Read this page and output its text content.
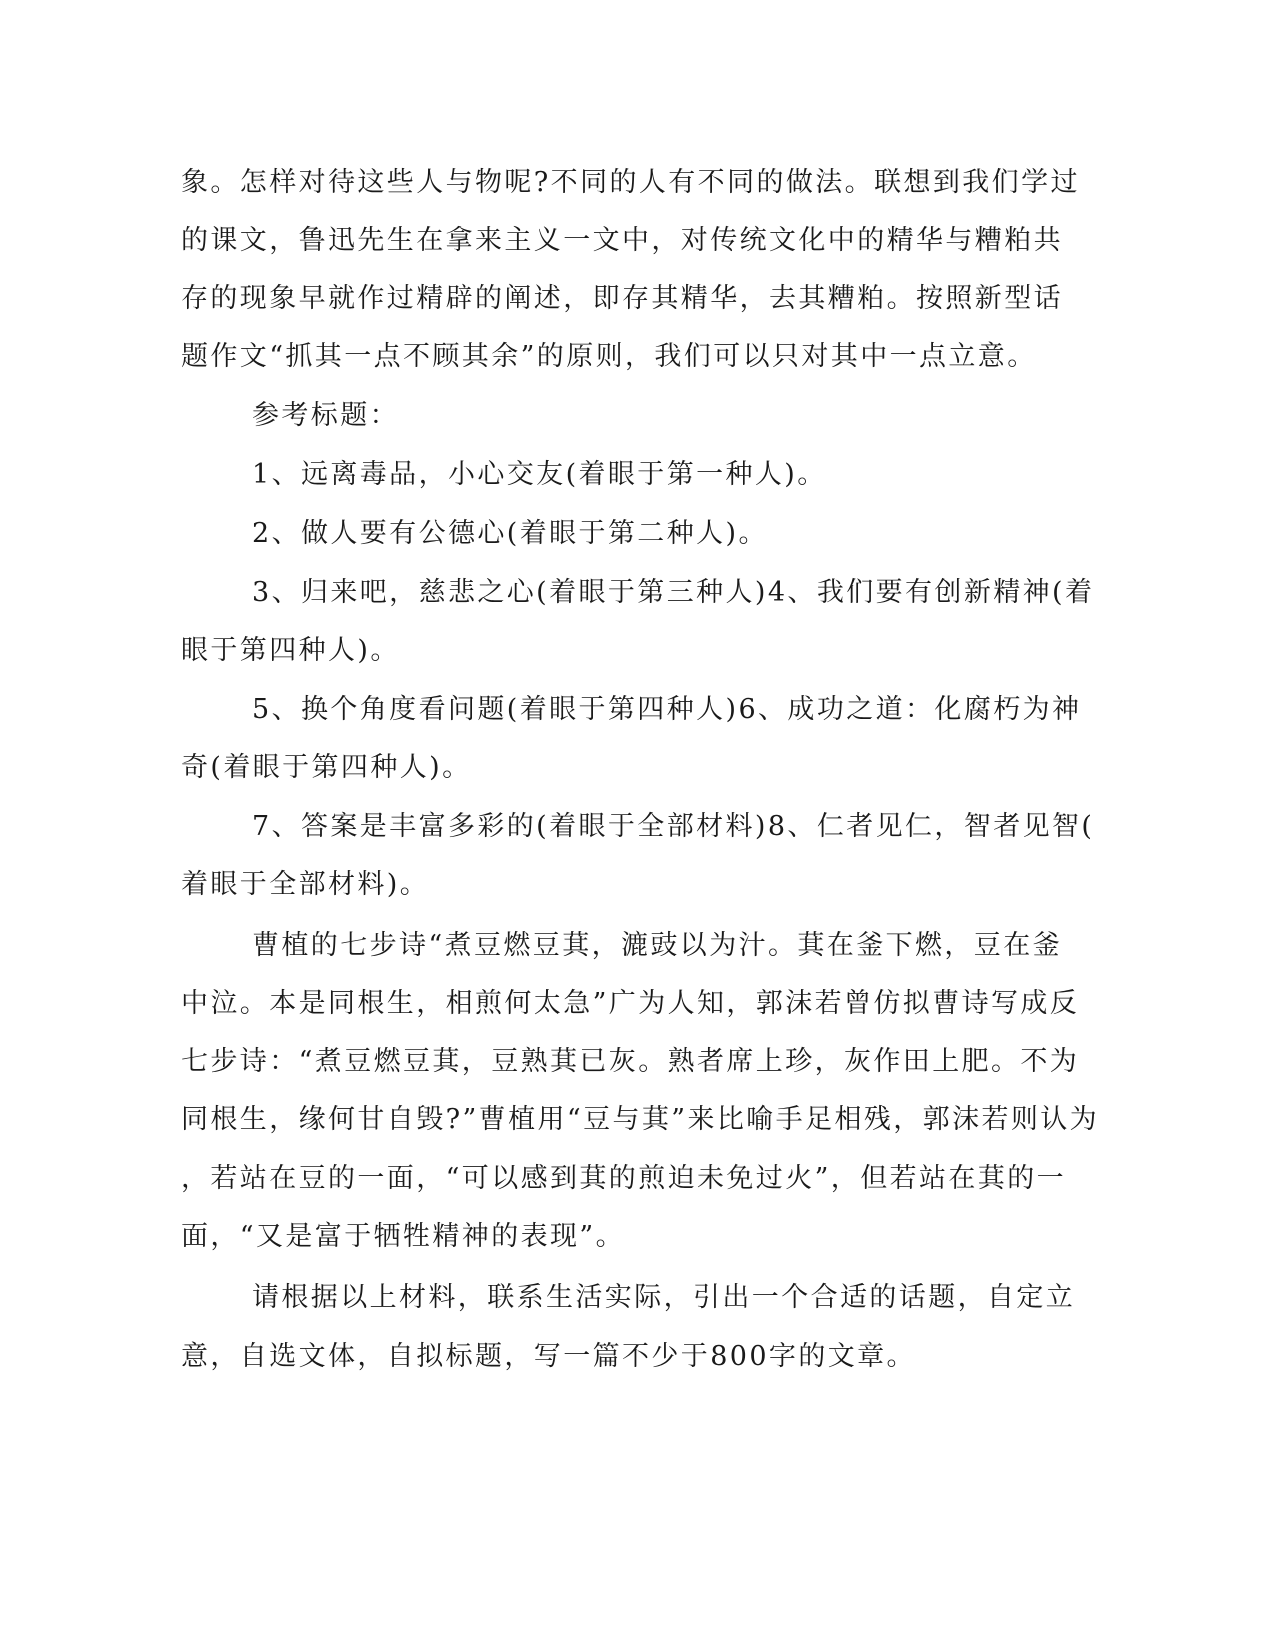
象。怎样对待这些人与物呢?不同的人有不同的做法。联想到我们学过
的课文，鲁迅先生在拿来主义一文中，对传统文化中的精华与糟粕共
存的现象早就作过精辟的阐述，即存其精华，去其糟粕。按照新型话
题作文“抓其一点不顾其余”的原则，我们可以只对其中一点立意。
参考标题：
1、远离毒品，小心交友(着眼于第一种人)。
2、做人要有公德心(着眼于第二种人)。
3、归来吧，慈悲之心(着眼于第三种人)4、我们要有创新精神(着
眼于第四种人)。
5、换个角度看问题(着眼于第四种人)6、成功之道：化腐朽为神
奇(着眼于第四种人)。
7、答案是丰富多彩的(着眼于全部材料)8、仁者见仁，智者见智(
着眼于全部材料)。
曹植的七步诗“煮豆燃豆萁，漉豉以为汁。萁在釜下燃，豆在釜
中泣。本是同根生，相煎何太急”广为人知，郭沫若曾仿拟曹诗写成反
七步诗：“煮豆燃豆萁，豆熟萁已灰。熟者席上珍，灰作田上肥。不为
同根生，缘何甘自毁?”曹植用“豆与萁”来比喻手足相残，郭沫若则认为
，若站在豆的一面，“可以感到萁的煎迫未免过火”，但若站在萁的一
面，“又是富于牺牲精神的表现”。
请根据以上材料，联系生活实际，引出一个合适的话题，自定立
意，自选文体，自拟标题，写一篇不少于800字的文章。
